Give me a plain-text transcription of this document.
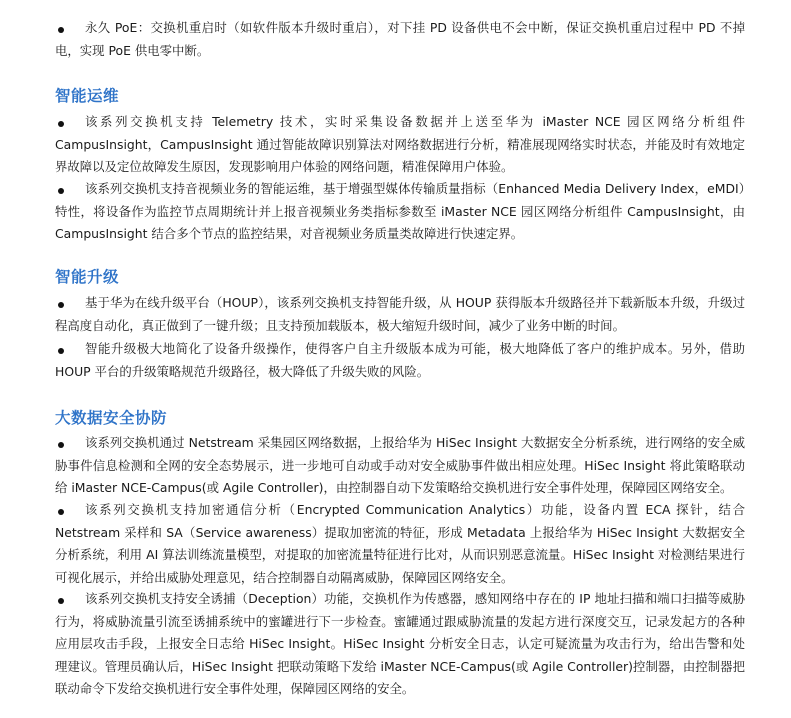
永久 PoE：交换机重启时（如软件版本升级时重启），对下挂 PD 设备供电不会中断，保证交换机重启过程中 PD 不掉电，实现 PoE 供电零中断。

智能运维

该系列交换机支持 Telemetry 技术，实时采集设备数据并上送至华为 iMaster NCE 园区网络分析组件 CampusInsight，CampusInsight 通过智能故障识别算法对网络数据进行分析，精准展现网络实时状态，并能及时有效地定界故障以及定位故障发生原因，发现影响用户体验的网络问题，精准保障用户体验。

该系列交换机支持音视频业务的智能运维，基于增强型媒体传输质量指标（Enhanced Media Delivery Index，eMDI）特性，将设备作为监控节点周期统计并上报音视频业务类指标参数至 iMaster NCE 园区网络分析组件 CampusInsight，由 CampusInsight 结合多个节点的监控结果，对音视频业务质量类故障进行快速定界。

智能升级

基于华为在线升级平台（HOUP），该系列交换机支持智能升级，从 HOUP 获得版本升级路径并下载新版本升级，升级过程高度自动化，真正做到了一键升级；且支持预加载版本，极大缩短升级时间，减少了业务中断的时间。

智能升级极大地简化了设备升级操作，使得客户自主升级版本成为可能，极大地降低了客户的维护成本。另外，借助 HOUP 平台的升级策略规范升级路径，极大降低了升级失败的风险。

大数据安全协防

该系列交换机通过 Netstream 采集园区网络数据，上报给华为 HiSec Insight 大数据安全分析系统，进行网络的安全威胁事件信息检测和全网的安全态势展示，进一步地可自动或手动对安全威胁事件做出相应处理。HiSec Insight 将此策略联动给 iMaster NCE-Campus(或 Agile Controller)，由控制器自动下发策略给交换机进行安全事件处理，保障园区网络安全。

该系列交换机支持加密通信分析（Encrypted Communication Analytics）功能，设备内置 ECA 探针，结合 Netstream 采样和 SA（Service awareness）提取加密流的特征，形成 Metadata 上报给华为 HiSec Insight 大数据安全分析系统，利用 AI 算法训练流量模型，对提取的加密流量特征进行比对，从而识别恶意流量。HiSec Insight 对检测结果进行可视化展示，并给出威胁处理意见，结合控制器自动隔离威胁，保障园区网络安全。

该系列交换机支持安全诱捕（Deception）功能，交换机作为传感器，感知网络中存在的 IP 地址扫描和端口扫描等威胁行为，将威胁流量引流至诱捕系统中的蜜罐进行下一步检查。蜜罐通过跟威胁流量的发起方进行深度交互，记录发起方的各种应用层攻击手段，上报安全日志给 HiSec Insight。HiSec Insight 分析安全日志，认定可疑流量为攻击行为，给出告警和处理建议。管理员确认后，HiSec Insight 把联动策略下发给 iMaster NCE-Campus(或 Agile Controller)控制器，由控制器把联动命令下发给交换机进行安全事件处理，保障园区网络的安全。
